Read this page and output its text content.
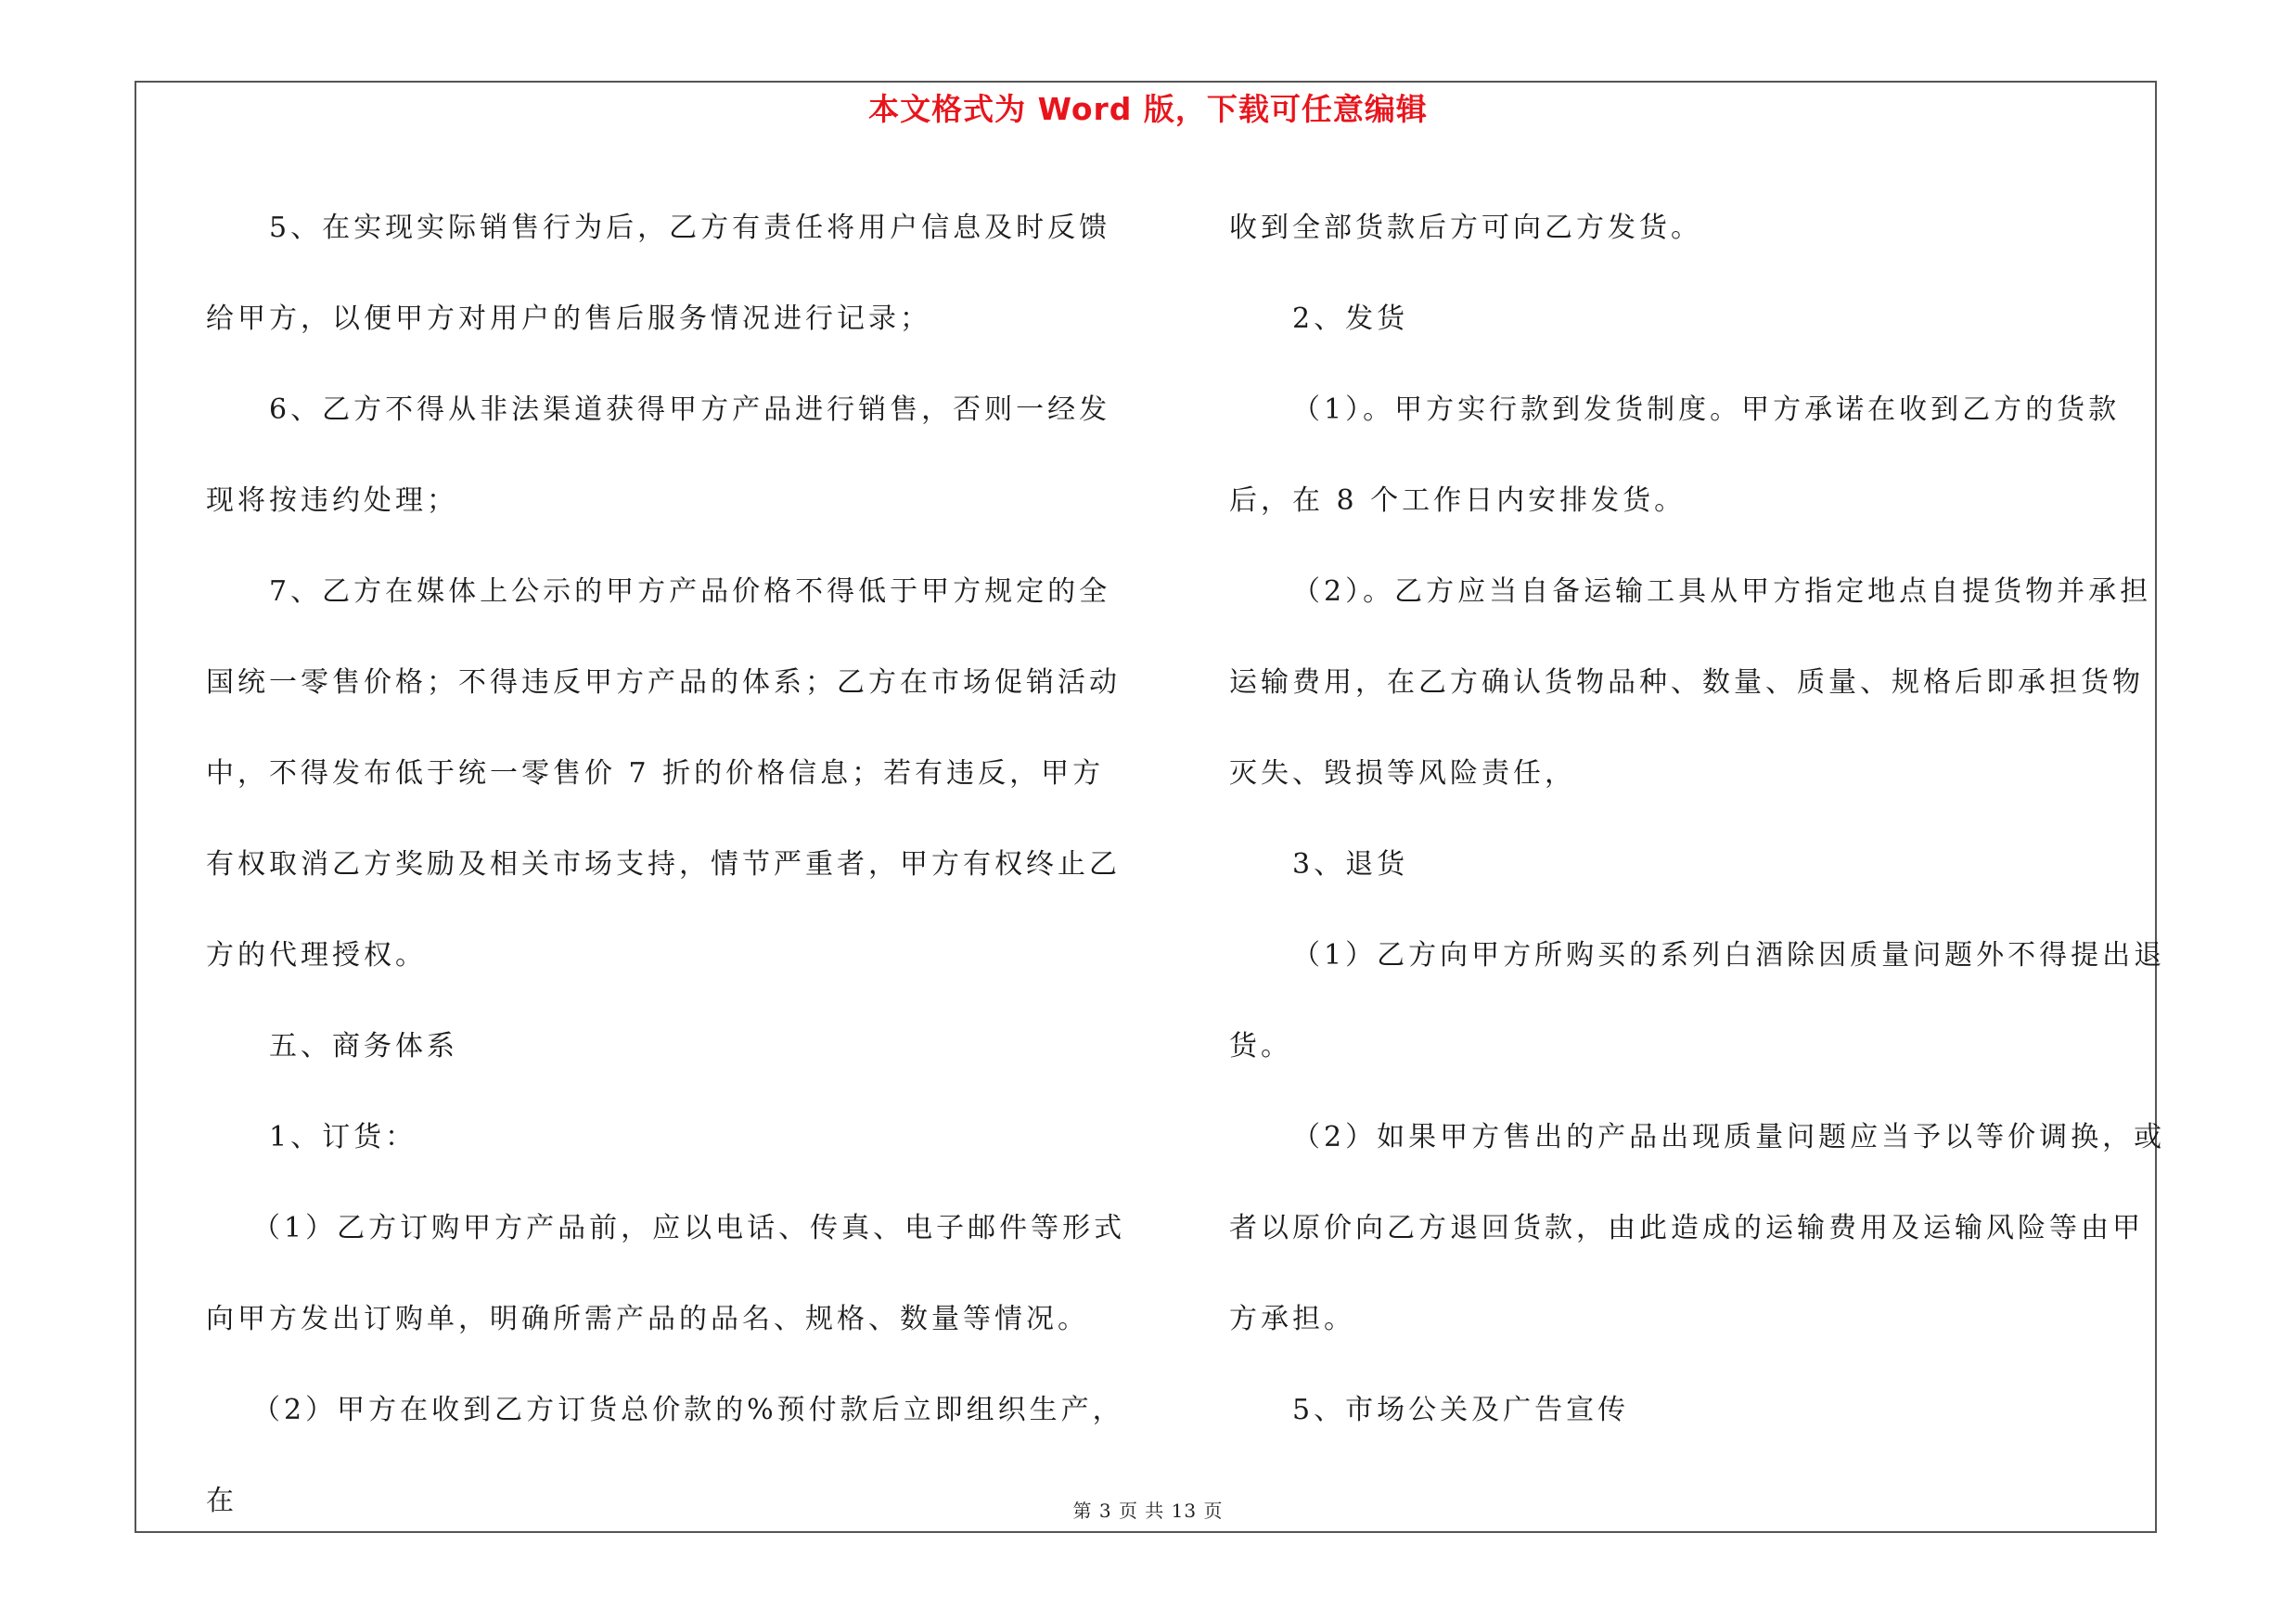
本文格式为 Word 版，下载可任意编辑

5、在实现实际销售行为后，乙方有责任将用户信息及时反馈给甲方，以便甲方对用户的售后服务情况进行记录；

6、乙方不得从非法渠道获得甲方产品进行销售，否则一经发现将按违约处理；

7、乙方在媒体上公示的甲方产品价格不得低于甲方规定的全国统一零售价格；不得违反甲方产品的体系；乙方在市场促销活动中，不得发布低于统一零售价 7 折的价格信息；若有违反，甲方有权取消乙方奖励及相关市场支持，情节严重者，甲方有权终止乙方的代理授权。

五、商务体系

1、订货：

（1）乙方订购甲方产品前，应以电话、传真、电子邮件等形式向甲方发出订购单，明确所需产品的品名、规格、数量等情况。

（2）甲方在收到乙方订货总价款的%预付款后立即组织生产，在

收到全部货款后方可向乙方发货。

2、发货

（1）。甲方实行款到发货制度。甲方承诺在收到乙方的货款后，在 8 个工作日内安排发货。

（2）。乙方应当自备运输工具从甲方指定地点自提货物并承担运输费用，在乙方确认货物品种、数量、质量、规格后即承担货物灭失、毁损等风险责任，

3、退货

（1）乙方向甲方所购买的系列白酒除因质量问题外不得提出退货。

（2）如果甲方售出的产品出现质量问题应当予以等价调换，或者以原价向乙方退回货款，由此造成的运输费用及运输风险等由甲方承担。

5、市场公关及广告宣传

第 3 页 共 13 页
